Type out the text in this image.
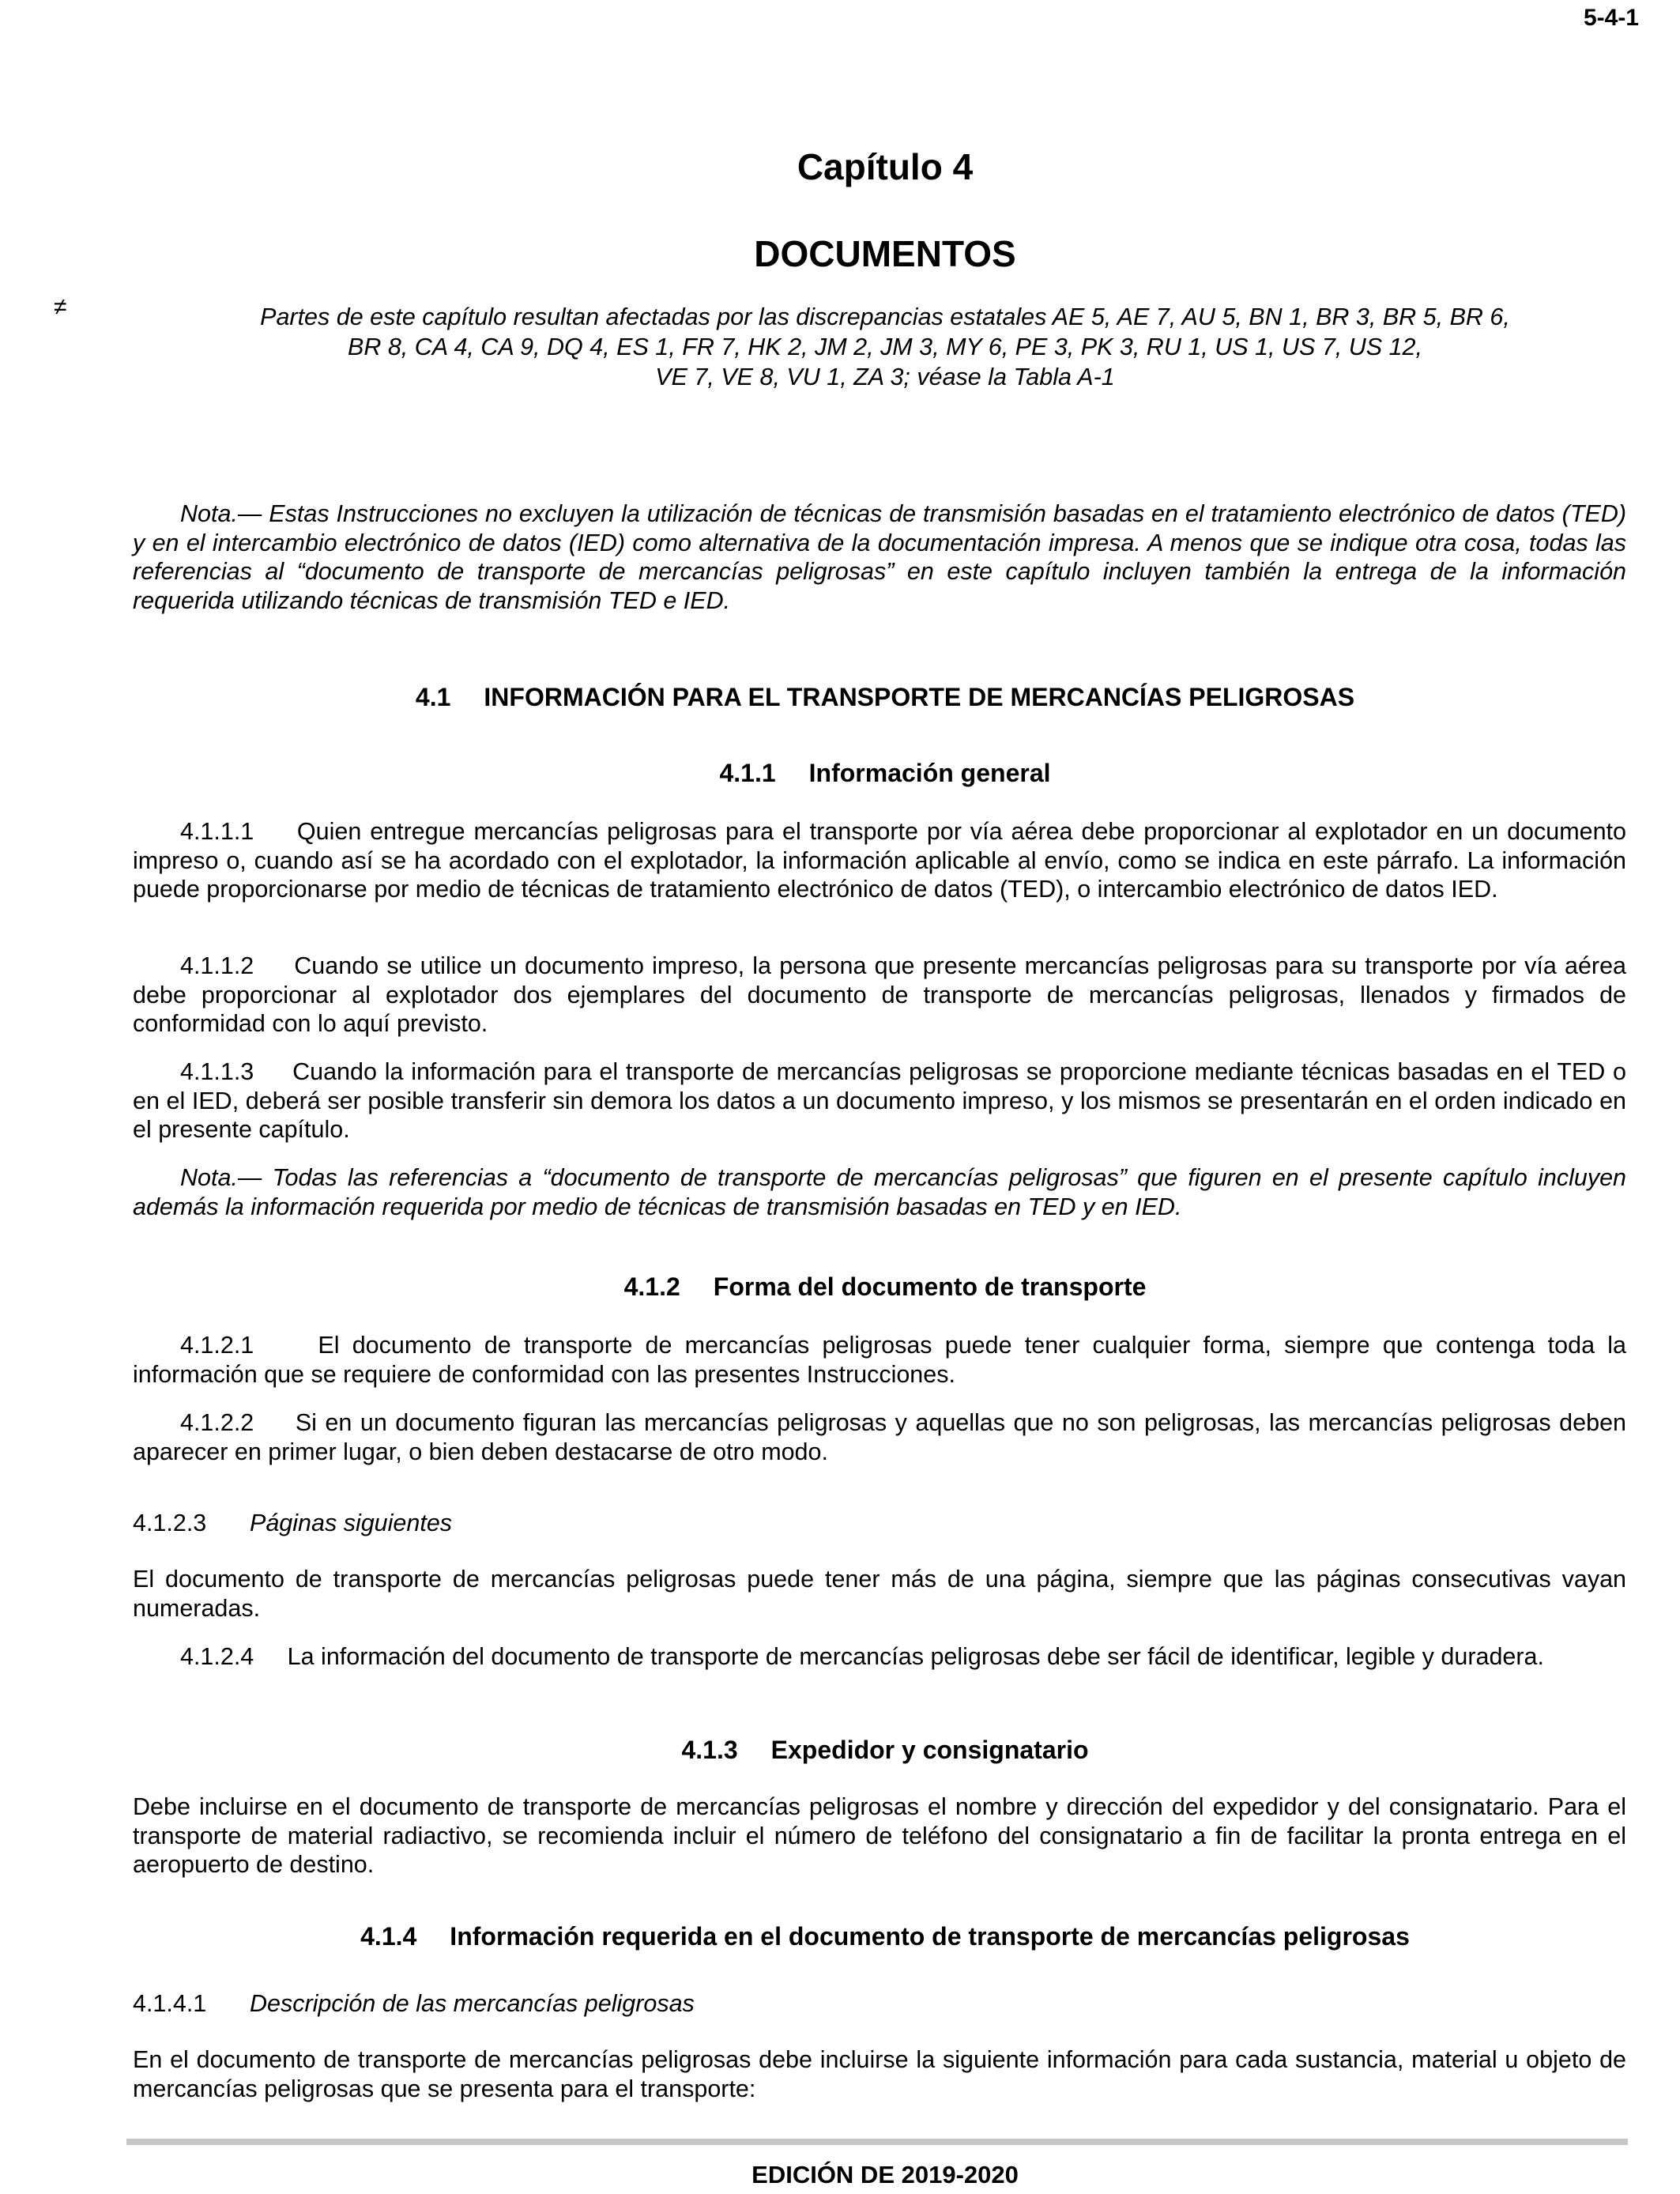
5-4-1
Capítulo 4
DOCUMENTOS
≠	Partes de este capítulo resultan afectadas por las discrepancias estatales AE 5, AE 7, AU 5, BN 1, BR 3, BR 5, BR 6,
BR 8, CA 4, CA 9, DQ 4, ES 1, FR 7, HK 2, JM 2, JM 3, MY 6, PE 3, PK 3, RU 1, US 1, US 7, US 12,
VE 7, VE 8, VU 1, ZA 3; véase la Tabla A-1

Nota.— Estas Instrucciones no excluyen la utilización de técnicas de transmisión basadas en el tratamiento electrónico de datos (TED) y en el intercambio electrónico de datos (IED) como alternativa de la documentación impresa. A menos que se indique otra cosa, todas las referencias al “documento de transporte de mercancías peligrosas” en este capítulo incluyen también la entrega de la información requerida utilizando técnicas de transmisión TED e IED.

4.1 INFORMACIÓN PARA EL TRANSPORTE DE MERCANCÍAS PELIGROSAS
4.1.1 Información general

4.1.1.1 Quien entregue mercancías peligrosas para el transporte por vía aérea debe proporcionar al explotador en un documento impreso o, cuando así se ha acordado con el explotador, la información aplicable al envío, como se indica en este párrafo. La información puede proporcionarse por medio de técnicas de tratamiento electrónico de datos (TED), o intercambio electrónico de datos IED.

4.1.1.2 Cuando se utilice un documento impreso, la persona que presente mercancías peligrosas para su transporte por vía aérea debe proporcionar al explotador dos ejemplares del documento de transporte de mercancías peligrosas, llenados y firmados de conformidad con lo aquí previsto.

4.1.1.3 Cuando la información para el transporte de mercancías peligrosas se proporcione mediante técnicas basadas en el TED o en el IED, deberá ser posible transferir sin demora los datos a un documento impreso, y los mismos se presentarán en el orden indicado en el presente capítulo.

Nota.— Todas las referencias a “documento de transporte de mercancías peligrosas” que figuren en el presente capítulo incluyen además la información requerida por medio de técnicas de transmisión basadas en TED y en IED.

4.1.2 Forma del documento de transporte

4.1.2.1	El documento de transporte de mercancías peligrosas puede tener cualquier forma, siempre que contenga toda la información que se requiere de conformidad con las presentes Instrucciones.

4.1.2.2 Si en un documento figuran las mercancías peligrosas y aquellas que no son peligrosas, las mercancías peligrosas deben aparecer en primer lugar, o bien deben destacarse de otro modo.

4.1.2.3 Páginas siguientes

El documento de transporte de mercancías peligrosas puede tener más de una página, siempre que las páginas consecutivas vayan numeradas.

4.1.2.4 La información del documento de transporte de mercancías peligrosas debe ser fácil de identificar, legible y duradera.

4.1.3 Expedidor y consignatario

Debe incluirse en el documento de transporte de mercancías peligrosas el nombre y dirección del expedidor y del consignatario. Para el transporte de material radiactivo, se recomienda incluir el número de teléfono del consignatario a fin de facilitar la pronta entrega en el aeropuerto de destino.

4.1.4 Información requerida en el documento de transporte de mercancías peligrosas
4.1.4.1 Descripción de las mercancías peligrosas

En el documento de transporte de mercancías peligrosas debe incluirse la siguiente información para cada sustancia, material u objeto de mercancías peligrosas que se presenta para el transporte:

EDICIÓN DE 2019-2020
